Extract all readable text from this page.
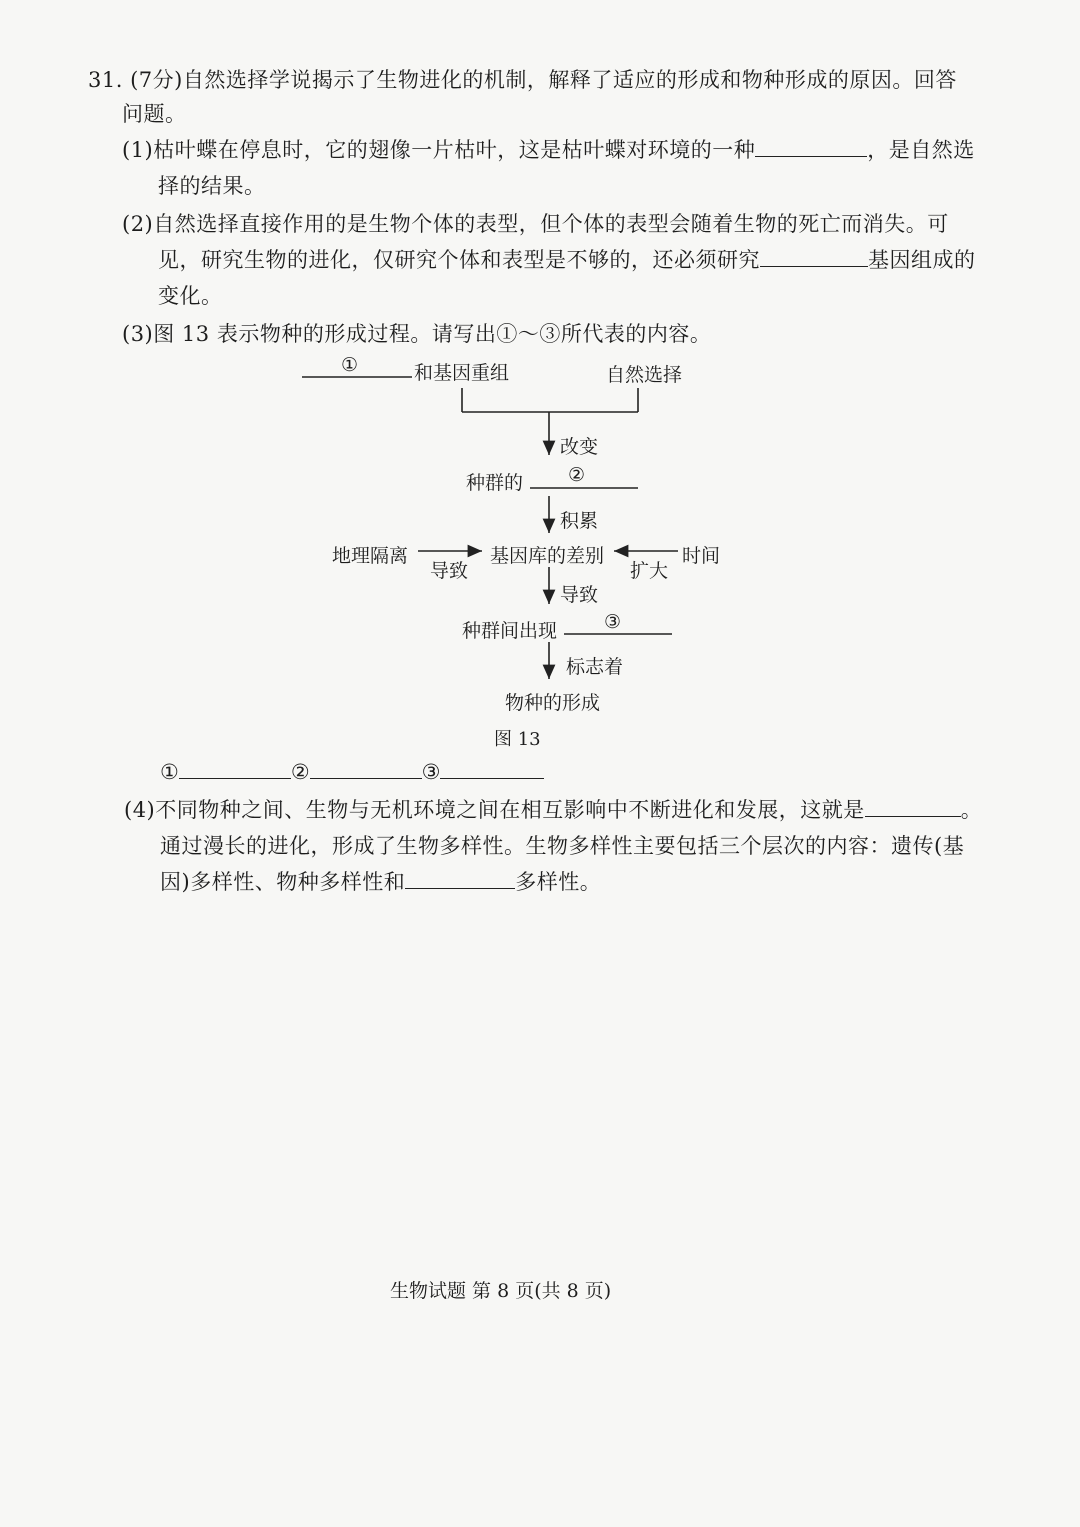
31. (7分)自然选择学说揭示了生物进化的机制，解释了适应的形成和物种形成的原因。回答
问题。
(1)枯叶蝶在停息时，它的翅像一片枯叶，这是枯叶蝶对环境的一种	，是自然选
择的结果。
(2)自然选择直接作用的是生物个体的表型，但个体的表型会随着生物的死亡而消失。可
见，研究生物的进化，仅研究个体和表型是不够的，还必须研究	基因组成的
变化。
(3)图 13 表示物种的形成过程。请写出①～③所代表的内容。
①	和基因重组	自然选择
改变
种群的 ②
积累
地理隔离
导致
基因库的差别
扩大
时间
导致
种群间出现 ③
标志着
物种的形成
图 13
①	②	③
(4)不同物种之间、生物与无机环境之间在相互影响中不断进化和发展，这就是	。
通过漫长的进化，形成了生物多样性。生物多样性主要包括三个层次的内容：遗传(基
因)多样性、物种多样性和	多样性。
生物试题 第 8 页(共 8 页)
